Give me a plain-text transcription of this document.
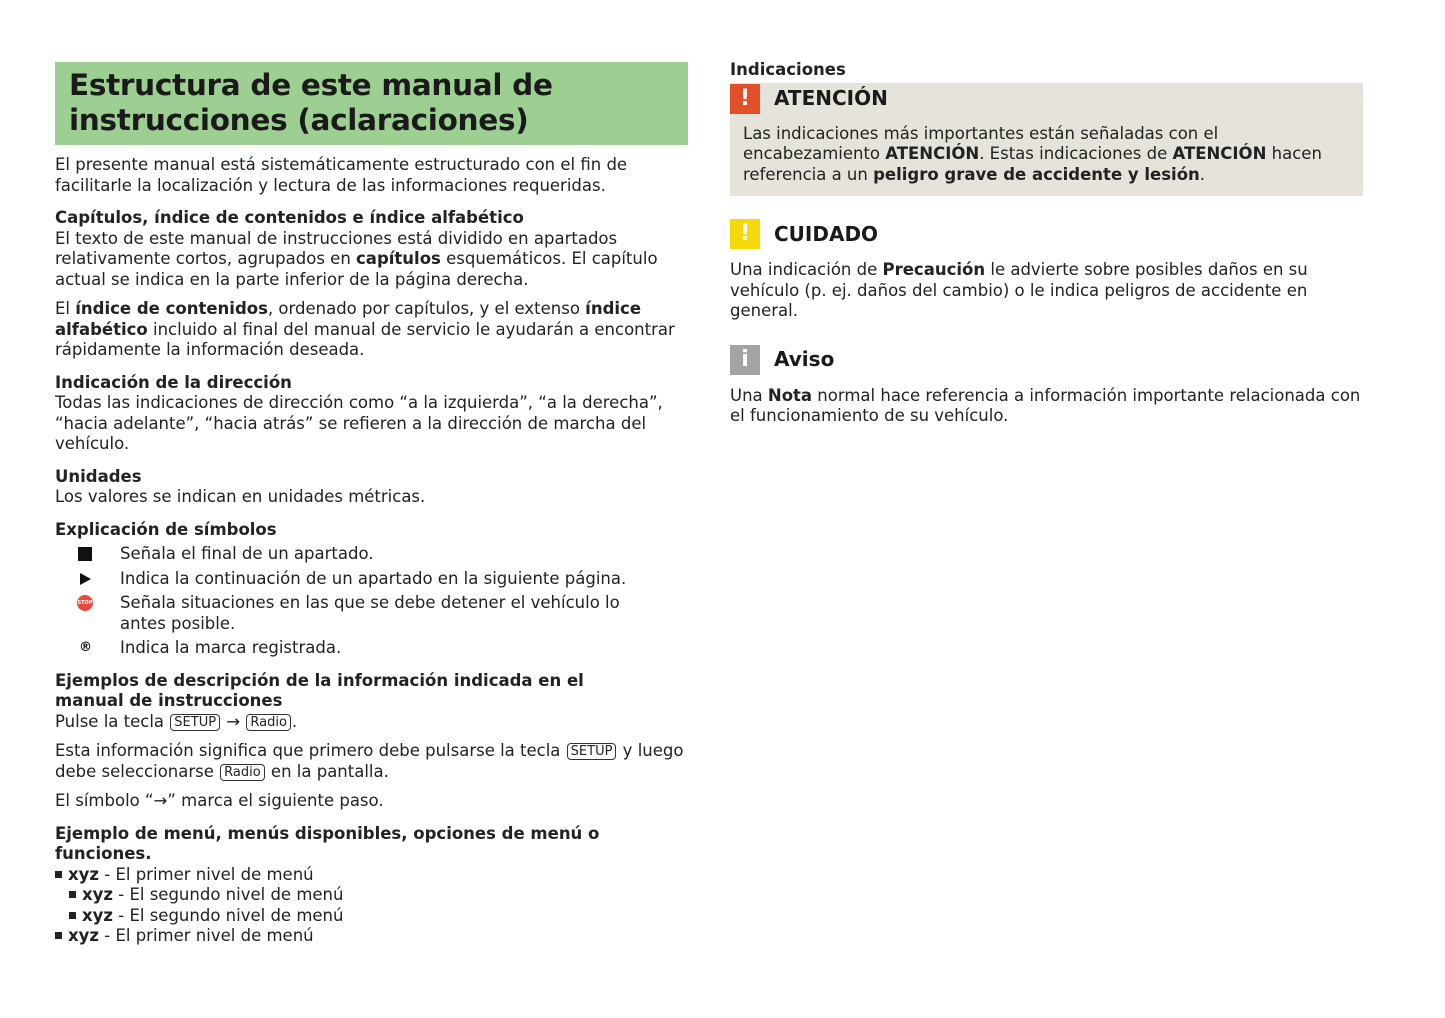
Estructura de este manual de instrucciones (aclaraciones)

El presente manual está sistemáticamente estructurado con el fin de facilitarle la localización y lectura de las informaciones requeridas.

Capítulos, índice de contenidos e índice alfabético

El texto de este manual de instrucciones está dividido en apartados relativamente cortos, agrupados en capítulos esquemáticos. El capítulo actual se indica en la parte inferior de la página derecha.

El índice de contenidos, ordenado por capítulos, y el extenso índice alfabético incluido al final del manual de servicio le ayudarán a encontrar rápidamente la información deseada.

Indicación de la dirección

Todas las indicaciones de dirección como “a la izquierda”, “a la derecha”, “hacia adelante”, “hacia atrás” se refieren a la dirección de marcha del vehículo.

Unidades

Los valores se indican en unidades métricas.

Explicación de símbolos
Señala el final de un apartado.
Indica la continuación de un apartado en la siguiente página.
STOP Señala situaciones en las que se debe detener el vehículo lo antes posible.
® Indica la marca registrada.
Ejemplos de descripción de la información indicada en el manual de instrucciones

Pulse la tecla SETUP → Radio .

Esta información significa que primero debe pulsarse la tecla SETUP y luego debe seleccionarse Radio en la pantalla.

El símbolo “→” marca el siguiente paso.

Ejemplo de menú, menús disponibles, opciones de menú o funciones.
xyz - El primer nivel de menú
xyz - El segundo nivel de menú
xyz - El segundo nivel de menú
xyz - El primer nivel de menú
Indicaciones
!	ATENCIÓN
Las indicaciones más importantes están señaladas con el encabezamiento ATENCIÓN. Estas indicaciones de ATENCIÓN hacen referencia a un peligro grave de accidente y lesión.
!	CUIDADO
Una indicación de Precaución le advierte sobre posibles daños en su vehículo (p. ej. daños del cambio) o le indica peligros de accidente en general.
i	Aviso
Una Nota normal hace referencia a información importante relacionada con el funcionamiento de su vehículo.
